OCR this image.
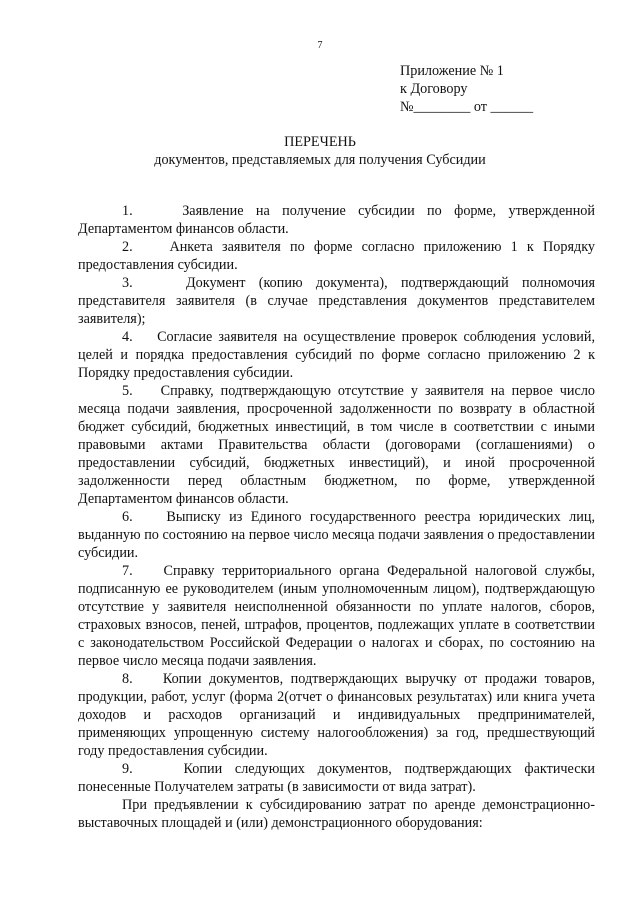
7
Приложение № 1
к Договору
№________ от ______
ПЕРЕЧЕНЬ
документов, представляемых для получения Субсидии

1.    Заявление на получение субсидии по форме, утвержденной Департаментом финансов области.

2.    Анкета заявителя по форме согласно приложению 1 к Порядку предоставления субсидии.

3.    Документ (копию документа), подтверждающий полномочия представителя заявителя (в случае представления документов представителем заявителя);

4.    Согласие заявителя на осуществление проверок соблюдения условий, целей и порядка предоставления субсидий по форме согласно приложению 2 к Порядку предоставления субсидии.

5.    Справку, подтверждающую отсутствие у заявителя на первое число месяца подачи заявления, просроченной задолженности по возврату в областной бюджет субсидий, бюджетных инвестиций, в том числе в соответствии с иными правовыми актами Правительства области (договорами (соглашениями) о предоставлении субсидий, бюджетных инвестиций), и иной просроченной задолженности перед областным бюджетном, по форме, утвержденной Департаментом финансов области.

6.    Выписку из Единого государственного реестра юридических лиц, выданную по состоянию на первое число месяца подачи заявления о предоставлении субсидии.

7.    Справку территориального органа Федеральной налоговой службы, подписанную ее руководителем (иным уполномоченным лицом), подтверждающую отсутствие у заявителя неисполненной обязанности по уплате налогов, сборов, страховых взносов, пеней, штрафов, процентов, подлежащих уплате в соответствии с законодательством Российской Федерации о налогах и сборах, по состоянию на первое число месяца подачи заявления.

8.    Копии документов, подтверждающих выручку от продажи товаров, продукции, работ, услуг (форма 2(отчет о финансовых результатах) или книга учета доходов и расходов организаций и индивидуальных предпринимателей, применяющих упрощенную систему налогообложения) за год, предшествующий году предоставления субсидии.

9.    Копии следующих документов, подтверждающих фактически понесенные Получателем затраты (в зависимости от вида затрат).

При предъявлении к субсидированию затрат по аренде демонстрационно-выставочных площадей и (или) демонстрационного оборудования:
